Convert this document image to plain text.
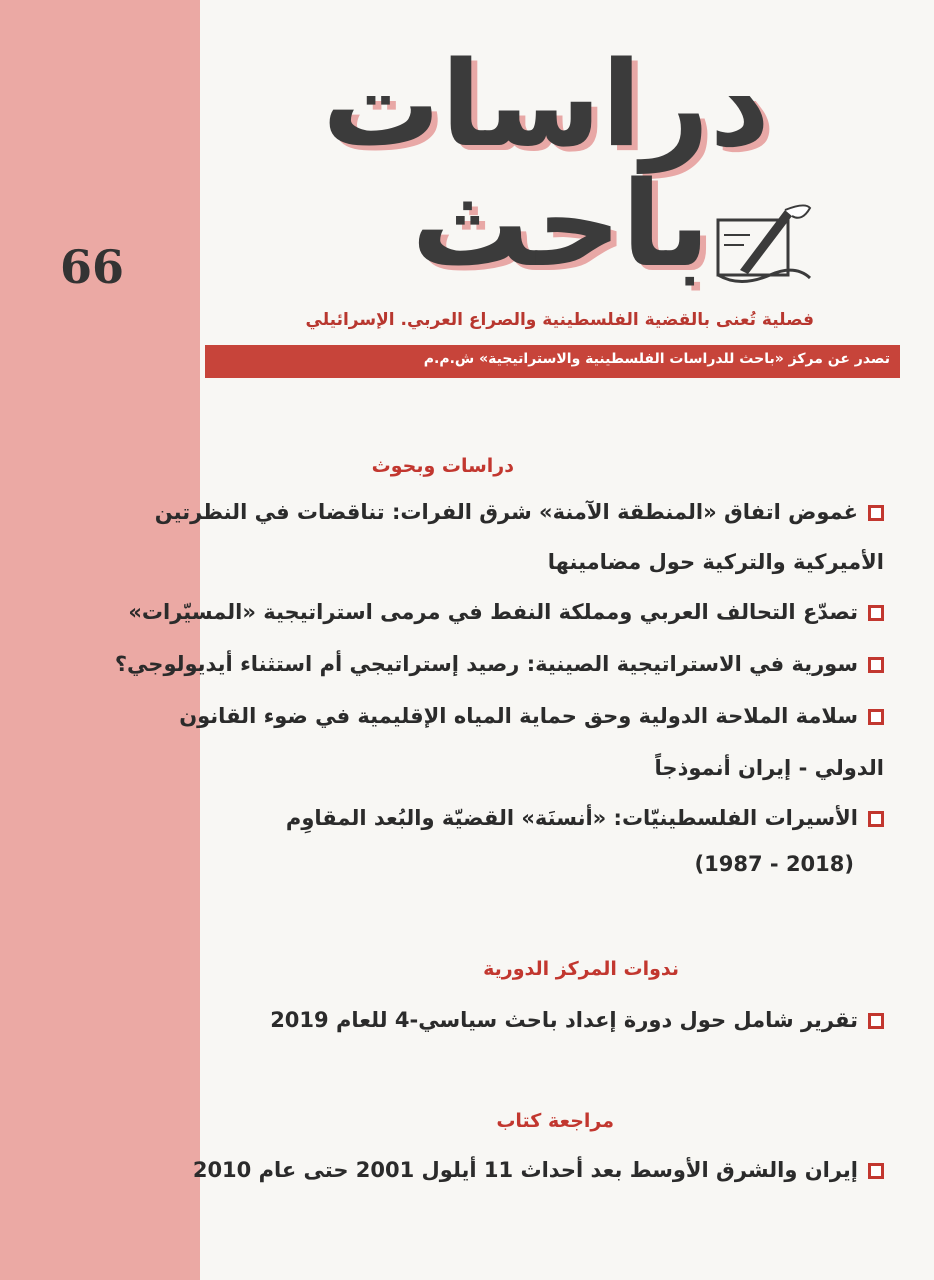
66
دراسات
باحث
فصلية تُعنى بالقضية الفلسطينية والصراع العربي. الإسرائيلي
تصدر عن مركز «باحث للدراسات الفلسطينية والاستراتيجية» ش.م.م
دراسات وبحوث
غموض اتفاق «المنطقة الآمنة» شرق الفرات: تناقضات في النظرتين
الأميركية والتركية حول مضامينها
تصدّع التحالف العربي ومملكة النفط في مرمى استراتيجية «المسيّرات»
سورية في الاستراتيجية الصينية: رصيد إستراتيجي أم استثناء أيديولوجي؟
سلامة الملاحة الدولية وحق حماية المياه الإقليمية في ضوء القانون
الدولي - إيران أنموذجاً
الأسيرات الفلسطينيّات: «أنسنَة» القضيّة والبُعد المقاوِم
(2018 - 1987)
ندوات المركز الدورية
تقرير شامل حول دورة إعداد باحث سياسي-4 للعام 2019
مراجعة كتاب
إيران والشرق الأوسط بعد أحداث 11 أيلول 2001 حتى عام 2010
